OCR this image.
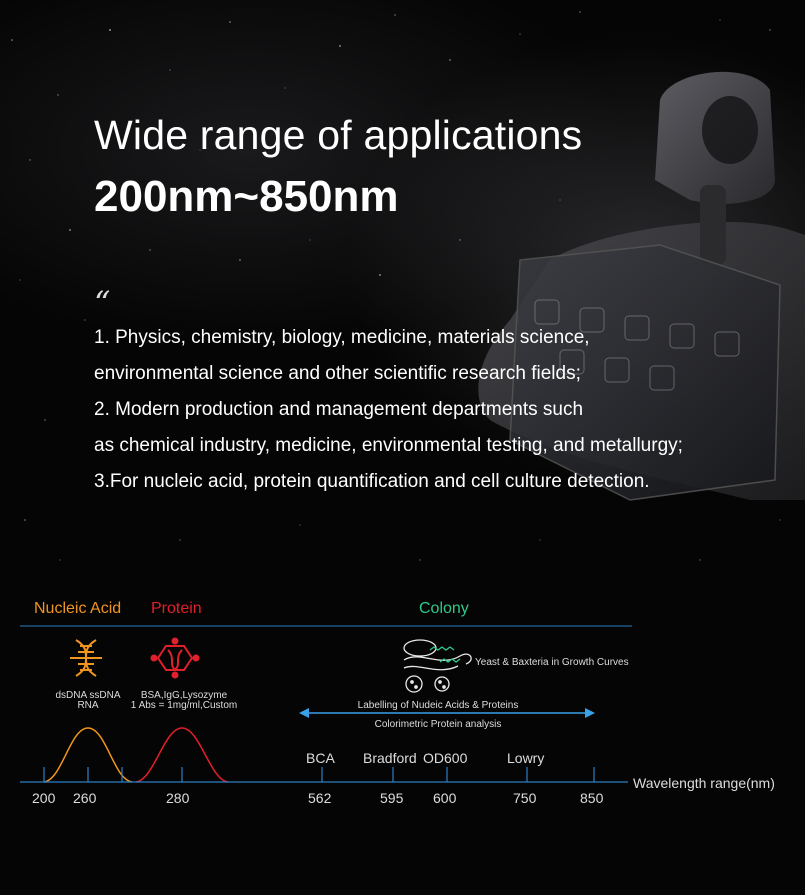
Wide range of applications
200nm~850nm
“
1. Physics, chemistry, biology, medicine, materials science,
environmental science and other scientific research fields;
2. Modern production and management departments such
as chemical industry, medicine, environmental testing, and metallurgy;
3.For nucleic acid, protein quantification and cell culture detection.
Nucleic Acid Protein	Colony
dsDNA ssDNA
RNA
BSA,IgG,Lysozyme
1 Abs = 1mg/ml,Custom
Yeast & Baxteria in Growth Curves
Labelling of Nudeic Acids & Proteins
Colorimetric Protein analysis
BCA Bradford OD600	Lowry
200 260	280	562	595 600	750	850
Wavelength range(nm)
